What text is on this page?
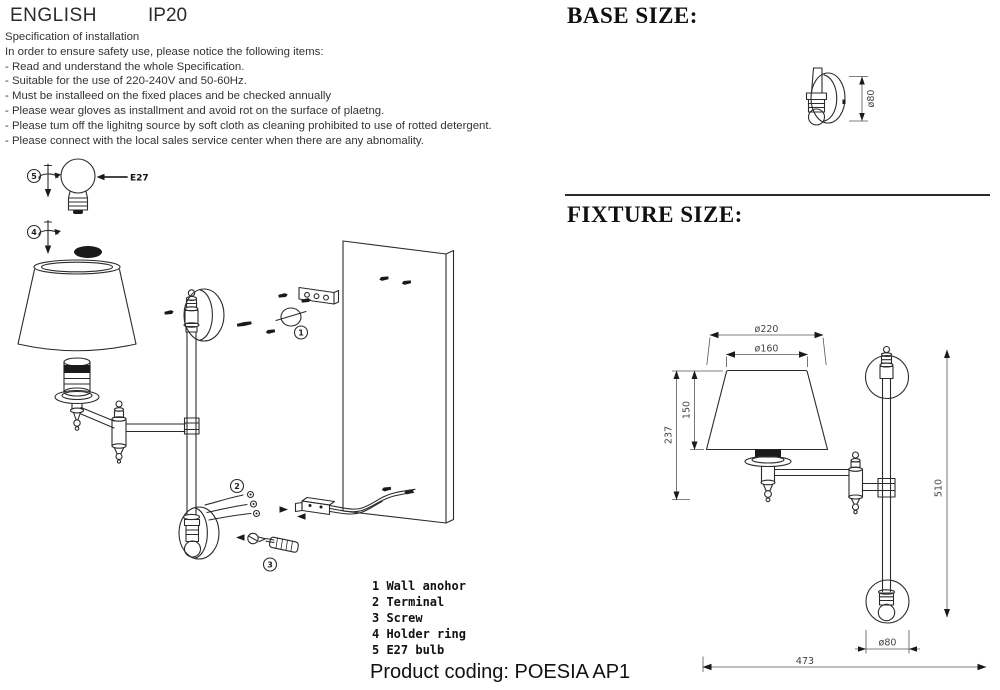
ENGLISH	IP20
Specification of installation
In order to ensure safety use, please notice the following items:
- Read and understand the whole Specification.
- Suitable for the use of 220-240V and 50-60Hz.
- Must be installeed on the fixed places and be checked annually
- Please wear gloves as installment and avoid rot on the surface of plaetng.
- Please tum off the lighitng source by soft cloth as cleaning prohibited to use of rotted detergent.
- Please connect with the local sales service center when there are any abnomality.
5	E27
4
2
1
3
1 Wall anohor
2 Terminal
3 Screw
4 Holder ring
5 E27 bulb
Product coding: POESIA AP1
BASE SIZE:
FIXTURE SIZE:
ø80
ø220
ø160
237
150
510
ø80
473
